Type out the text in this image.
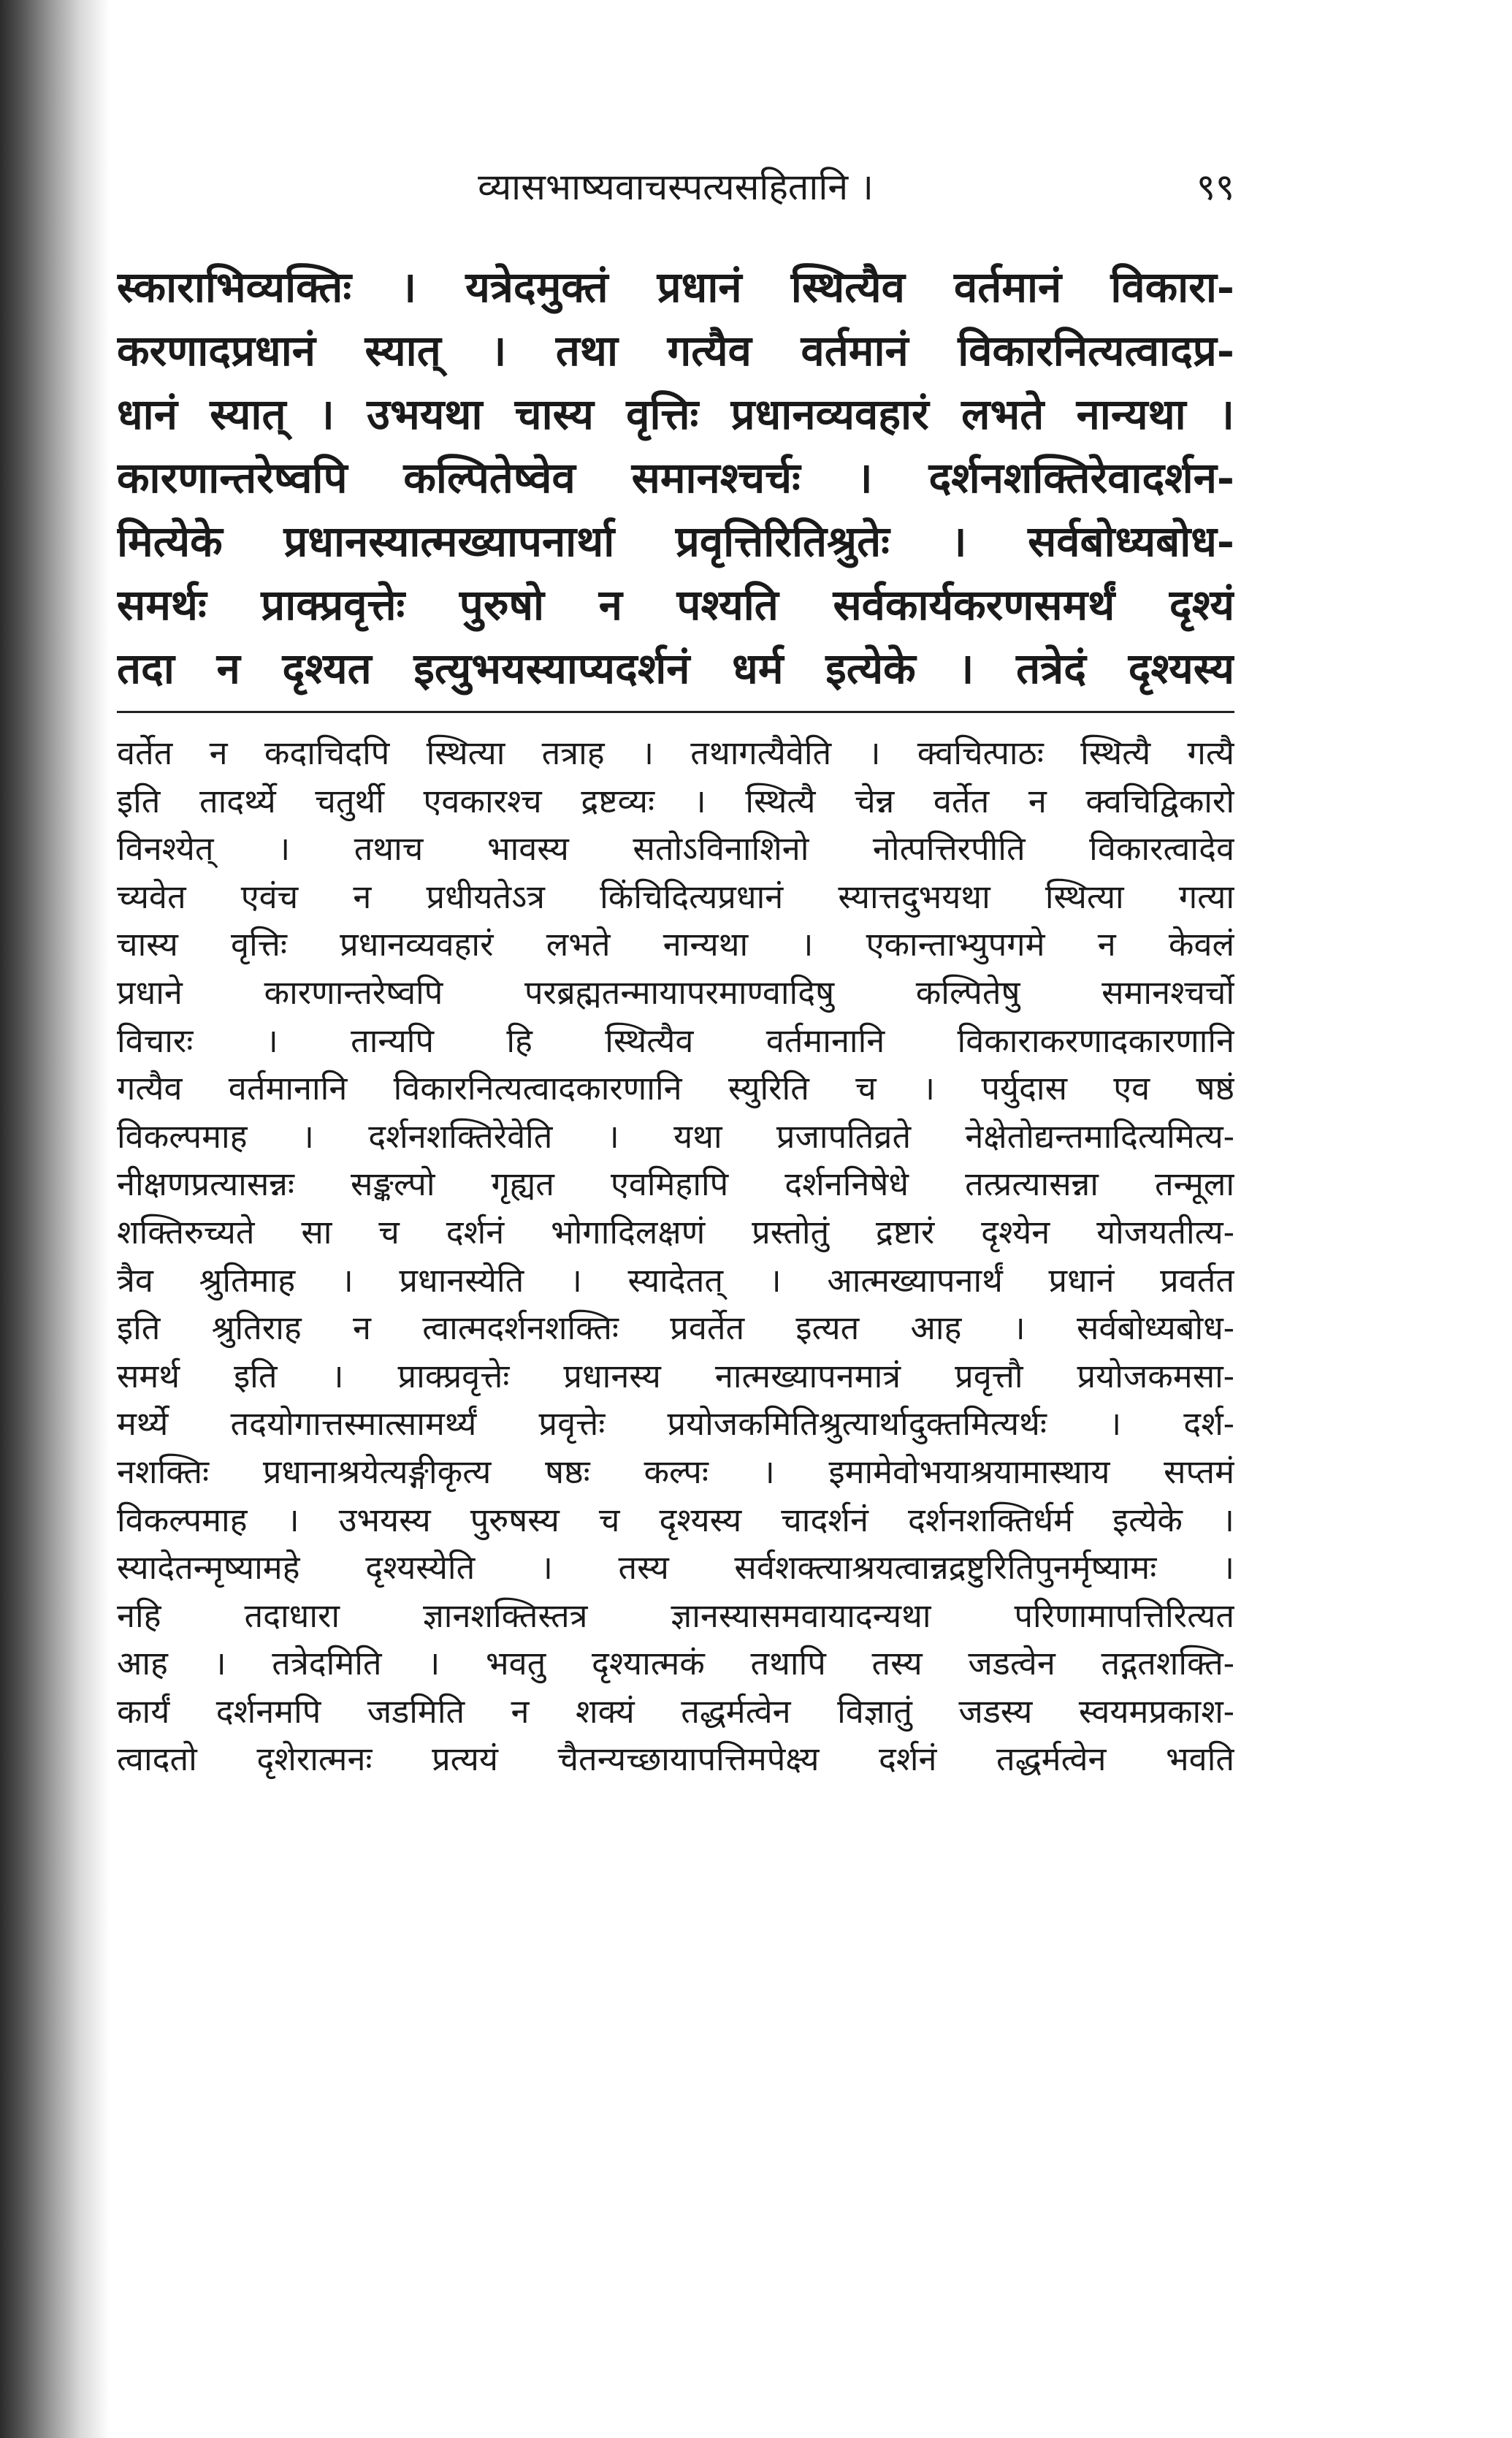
व्यासभाष्यवाचस्पत्यसहितानि ।	९९
स्काराभिव्यक्तिः । यत्रेदमुक्तं प्रधानं स्थित्यैव वर्तमानं विकारा-
करणादप्रधानं स्यात् । तथा गत्यैव वर्तमानं विकारनित्यत्वादप्र-
धानं स्यात् । उभयथा चास्य वृत्तिः प्रधानव्यवहारं लभते नान्यथा ।
कारणान्तरेष्वपि कल्पितेष्वेव समानश्चर्चः । दर्शनशक्तिरेवादर्शन-
मित्येके प्रधानस्यात्मख्यापनार्था प्रवृत्तिरितिश्रुतेः । सर्वबोध्यबोध-
समर्थः प्राक्प्रवृत्तेः पुरुषो न पश्यति सर्वकार्यकरणसमर्थं दृश्यं
तदा न दृश्यत इत्युभयस्याप्यदर्शनं धर्म इत्येके । तत्रेदं दृश्यस्य
वर्तेत न कदाचिदपि स्थित्या तत्राह । तथागत्यैवेति । क्वचित्पाठः स्थित्यै गत्यै
इति तादर्थ्ये चतुर्थी एवकारश्च द्रष्टव्यः । स्थित्यै चेन्न वर्तेत न क्वचिद्विकारो
विनश्येत् । तथाच भावस्य सतोऽविनाशिनो नोत्पत्तिरपीति विकारत्वादेव
च्यवेत एवंच न प्रधीयतेऽत्र किंचिदित्यप्रधानं स्यात्तदुभयथा स्थित्या गत्या
चास्य वृत्तिः प्रधानव्यवहारं लभते नान्यथा । एकान्ताभ्युपगमे न केवलं
प्रधाने कारणान्तरेष्वपि परब्रह्मतन्मायापरमाण्वादिषु कल्पितेषु समानश्चर्चो
विचारः । तान्यपि हि स्थित्यैव वर्तमानानि विकाराकरणादकारणानि
गत्यैव वर्तमानानि विकारनित्यत्वादकारणानि स्युरिति च । पर्युदास एव षष्ठं
विकल्पमाह । दर्शनशक्तिरेवेति । यथा प्रजापतिव्रते नेक्षेतोद्यन्तमादित्यमित्य-
नीक्षणप्रत्यासन्नः सङ्कल्पो गृह्यत एवमिहापि दर्शननिषेधे तत्प्रत्यासन्ना तन्मूला
शक्तिरुच्यते सा च दर्शनं भोगादिलक्षणं प्रस्तोतुं द्रष्टारं दृश्येन योजयतीत्य-
त्रैव श्रुतिमाह । प्रधानस्येति । स्यादेतत् । आत्मख्यापनार्थं प्रधानं प्रवर्तत
इति श्रुतिराह न त्वात्मदर्शनशक्तिः प्रवर्तेत इत्यत आह । सर्वबोध्यबोध-
समर्थ इति । प्राक्प्रवृत्तेः प्रधानस्य नात्मख्यापनमात्रं प्रवृत्तौ प्रयोजकमसा-
मर्थ्ये तदयोगात्तस्मात्सामर्थ्यं प्रवृत्तेः प्रयोजकमितिश्रुत्यार्थादुक्तमित्यर्थः । दर्श-
नशक्तिः प्रधानाश्रयेत्यङ्गीकृत्य षष्ठः कल्पः । इमामेवोभयाश्रयामास्थाय सप्तमं
विकल्पमाह । उभयस्य पुरुषस्य च दृश्यस्य चादर्शनं दर्शनशक्तिर्धर्म इत्येके ।
स्यादेतन्मृष्यामहे दृश्यस्येति । तस्य सर्वशक्त्याश्रयत्वान्नद्रष्टुरितिपुनर्मृष्यामः ।
नहि तदाधारा ज्ञानशक्तिस्तत्र ज्ञानस्यासमवायादन्यथा परिणामापत्तिरित्यत
आह । तत्रेदमिति । भवतु दृश्यात्मकं तथापि तस्य जडत्वेन तद्गतशक्ति-
कार्यं दर्शनमपि जडमिति न शक्यं तद्धर्मत्वेन विज्ञातुं जडस्य स्वयमप्रकाश-
त्वादतो दृशेरात्मनः प्रत्ययं चैतन्यच्छायापत्तिमपेक्ष्य दर्शनं तद्धर्मत्वेन भवति
